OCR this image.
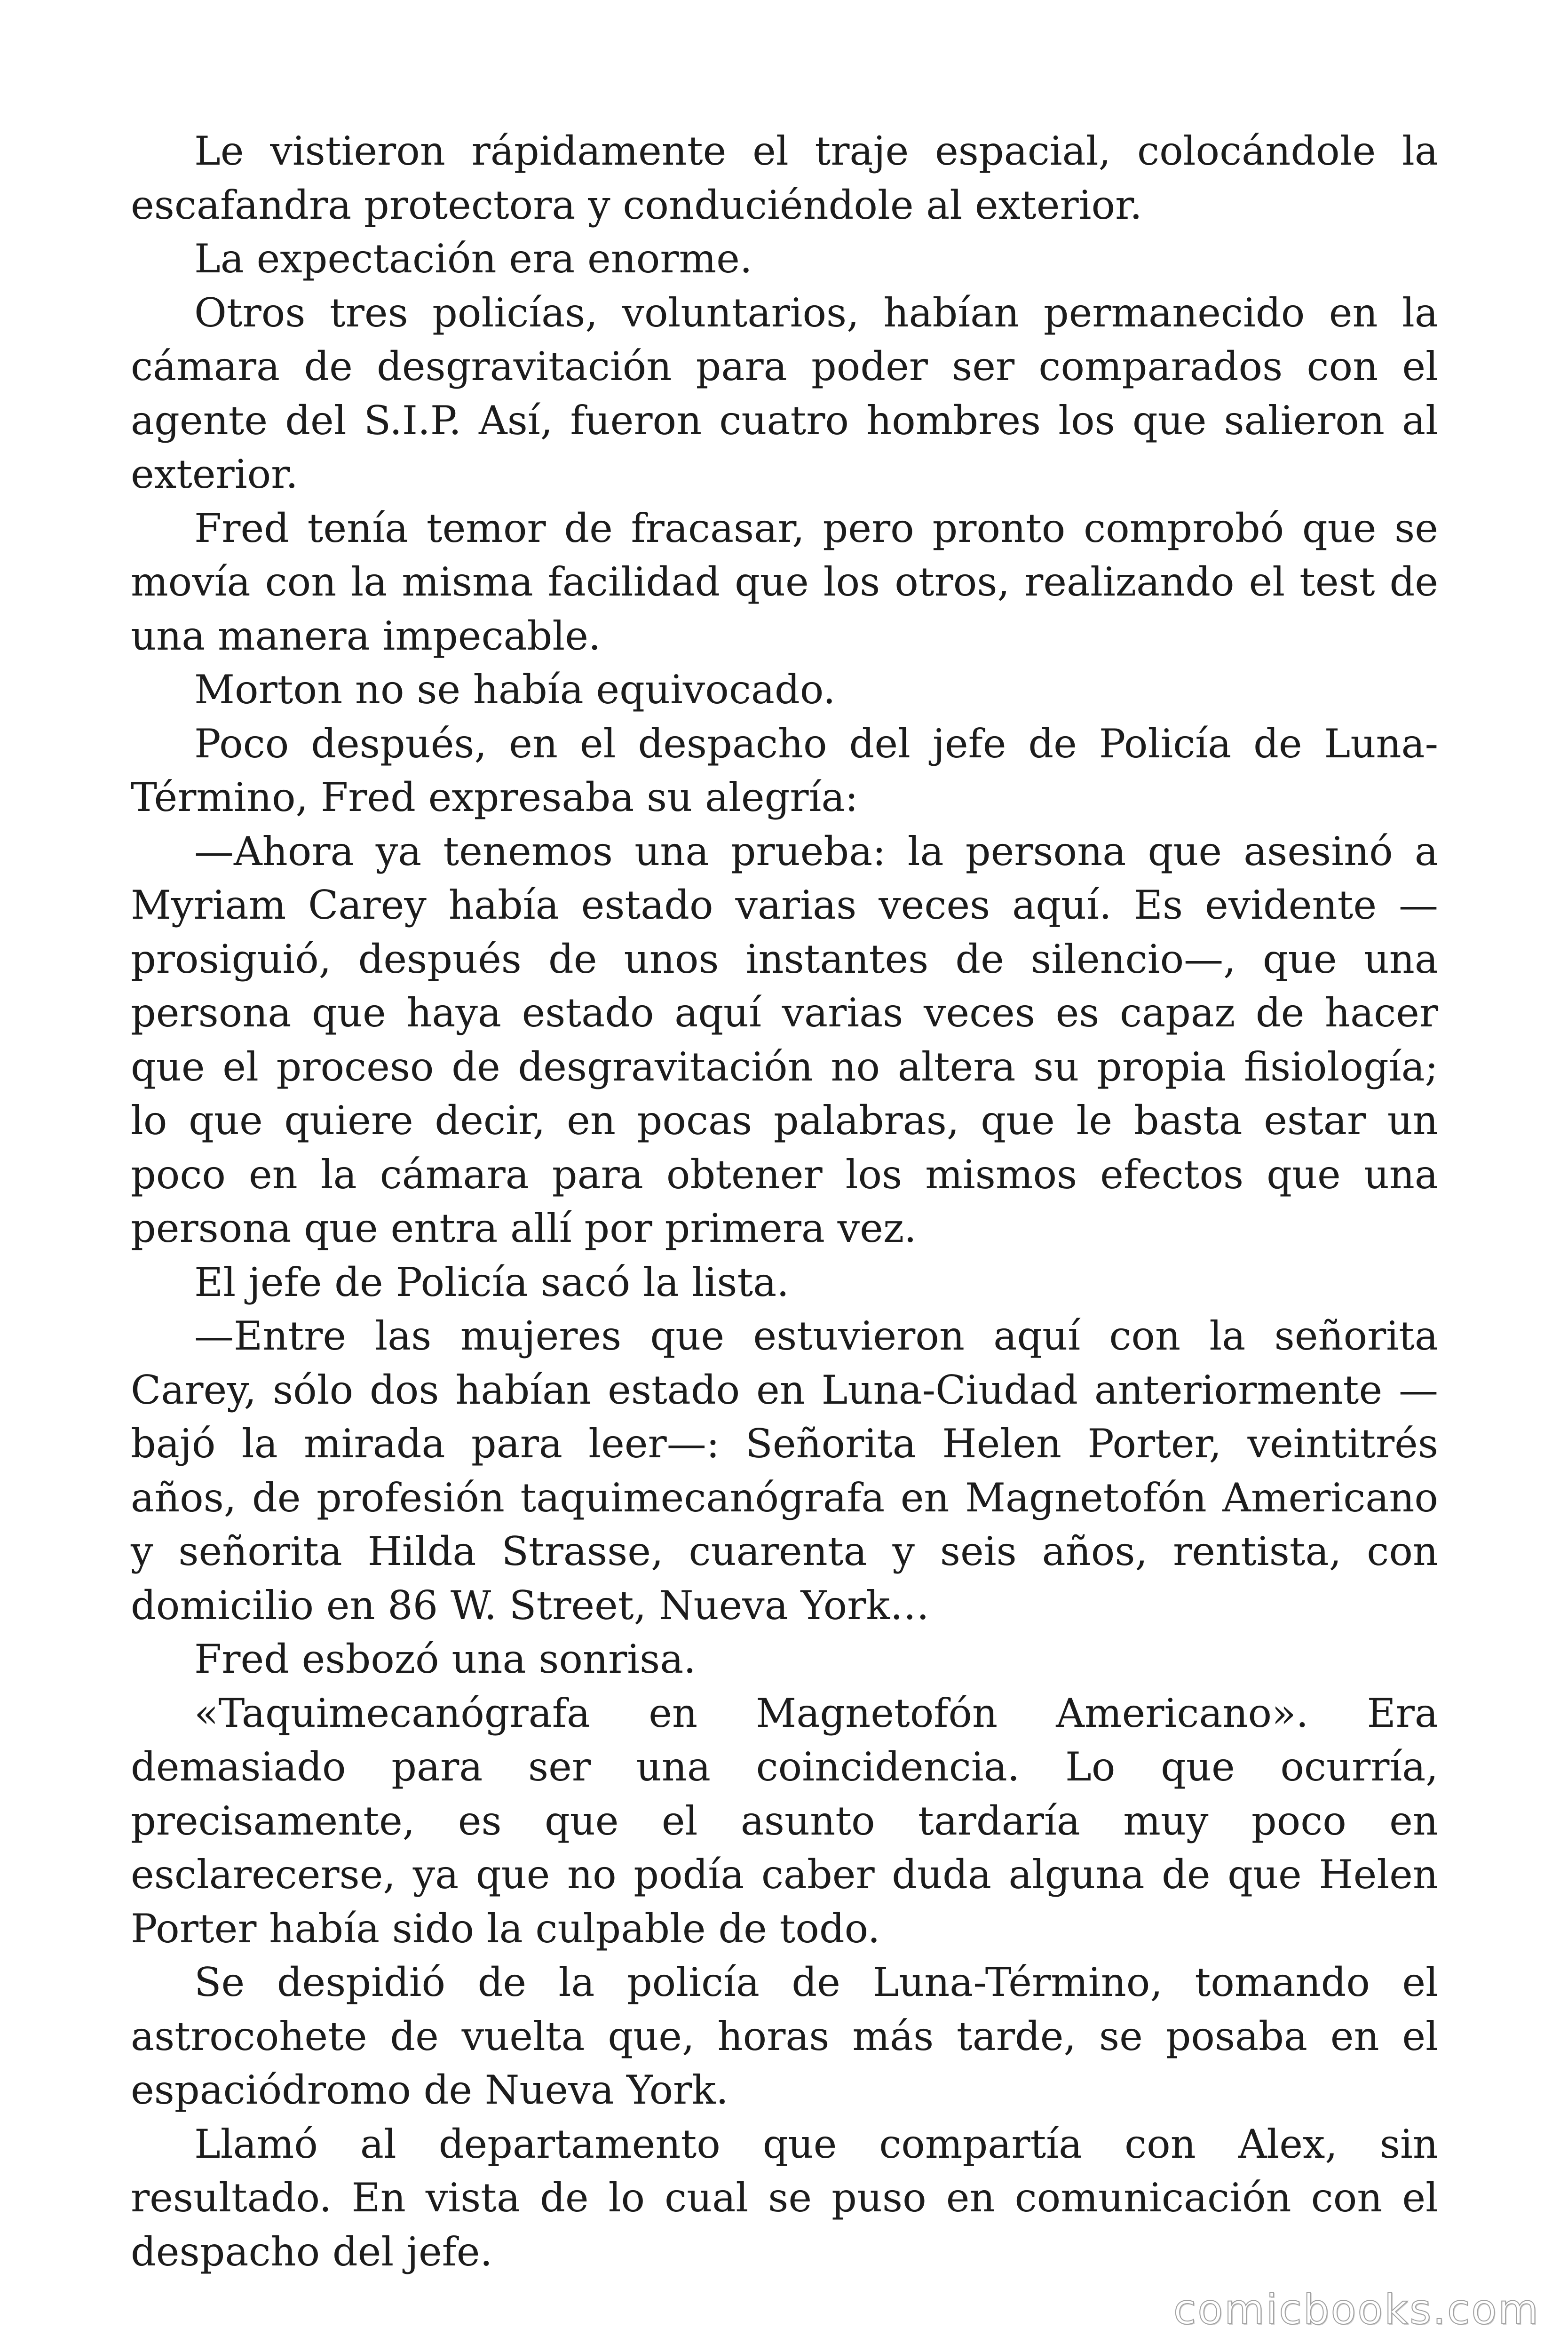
Le vistieron rápidamente el traje espacial, colocándole la escafandra protectora y conduciéndole al exterior.

La expectación era enorme.

Otros tres policías, voluntarios, habían permanecido en la cámara de desgravitación para poder ser comparados con el agente del S.I.P. Así, fueron cuatro hombres los que salieron al exterior.

Fred tenía temor de fracasar, pero pronto comprobó que se movía con la misma facilidad que los otros, realizando el test de una manera impecable.

Morton no se había equivocado.

Poco después, en el despacho del jefe de Policía de Luna-Término, Fred expresaba su alegría:

—Ahora ya tenemos una prueba: la persona que asesinó a Myriam Carey había estado varias veces aquí. Es evidente —prosiguió, después de unos instantes de silencio—, que una persona que haya estado aquí varias veces es capaz de hacer que el proceso de desgravitación no altera su propia fisiología; lo que quiere decir, en pocas palabras, que le basta estar un poco en la cámara para obtener los mismos efectos que una persona que entra allí por primera vez.

El jefe de Policía sacó la lista.

—Entre las mujeres que estuvieron aquí con la señorita Carey, sólo dos habían estado en Luna-Ciudad anteriormente —bajó la mirada para leer—: Señorita Helen Porter, veintitrés años, de profesión taquimecanógrafa en Magnetofón Americano y señorita Hilda Strasse, cuarenta y seis años, rentista, con domicilio en 86 W. Street, Nueva York…

Fred esbozó una sonrisa.

«Taquimecanógrafa en Magnetofón Americano». Era demasiado para ser una coincidencia. Lo que ocurría, precisamente, es que el asunto tardaría muy poco en esclarecerse, ya que no podía caber duda alguna de que Helen Porter había sido la culpable de todo.

Se despidió de la policía de Luna-Término, tomando el astrocohete de vuelta que, horas más tarde, se posaba en el espaciódromo de Nueva York.

Llamó al departamento que compartía con Alex, sin resultado. En vista de lo cual se puso en comunicación con el despacho del jefe.

comicbooks.com
